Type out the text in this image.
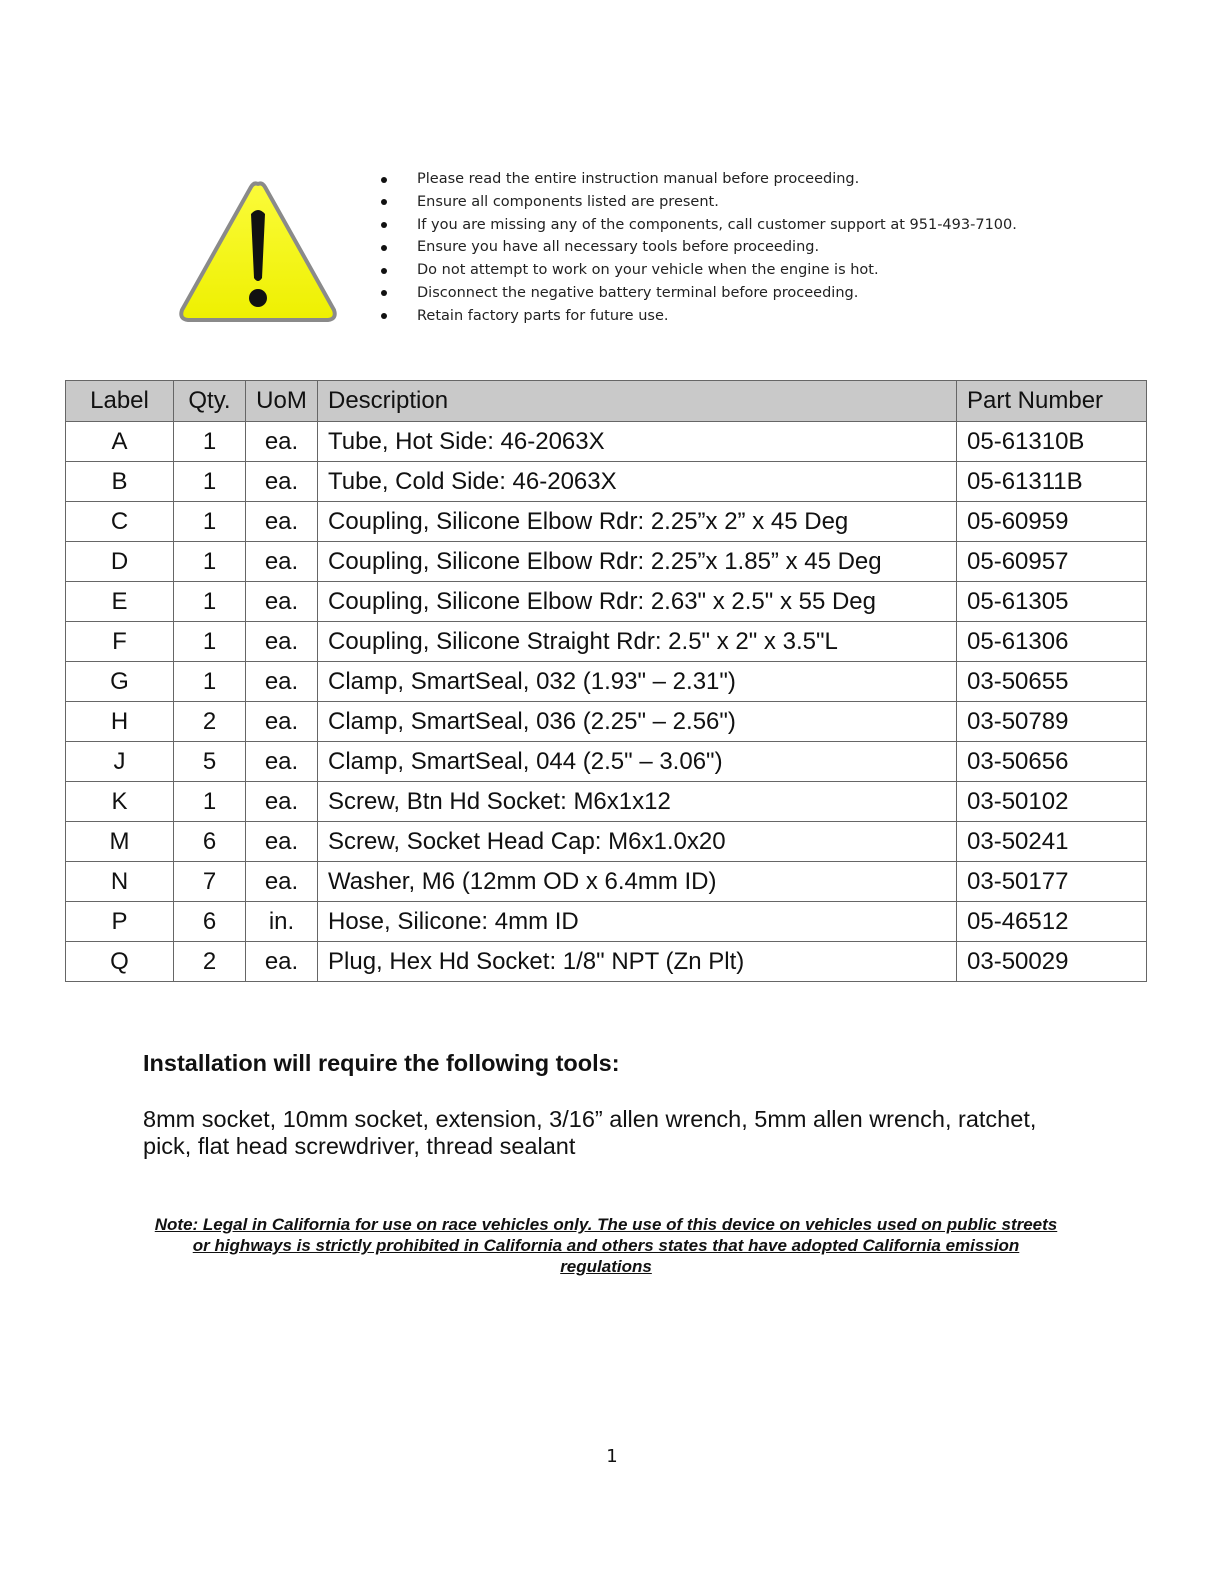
Please read the entire instruction manual before proceeding.
Ensure all components listed are present.
If you are missing any of the components, call customer support at 951-493-7100.
Ensure you have all necessary tools before proceeding.
Do not attempt to work on your vehicle when the engine is hot.
Disconnect the negative battery terminal before proceeding.
Retain factory parts for future use.
Label	Qty.	UoM	Description	Part Number
A	1	ea.	Tube, Hot Side: 46-2063X	05-61310B
B	1	ea.	Tube, Cold Side: 46-2063X	05-61311B
C	1	ea.	Coupling, Silicone Elbow Rdr: 2.25”x 2” x 45 Deg	05-60959
D	1	ea.	Coupling, Silicone Elbow Rdr: 2.25”x 1.85” x 45 Deg	05-60957
E	1	ea.	Coupling, Silicone Elbow Rdr: 2.63" x 2.5" x 55 Deg	05-61305
F	1	ea.	Coupling, Silicone Straight Rdr: 2.5" x 2" x 3.5"L	05-61306
G	1	ea.	Clamp, SmartSeal, 032 (1.93" – 2.31")	03-50655
H	2	ea.	Clamp, SmartSeal, 036 (2.25" – 2.56")	03-50789
J	5	ea.	Clamp, SmartSeal, 044 (2.5" – 3.06")	03-50656
K	1	ea.	Screw, Btn Hd Socket: M6x1x12	03-50102
M	6	ea.	Screw, Socket Head Cap: M6x1.0x20	03-50241
N	7	ea.	Washer, M6 (12mm OD x 6.4mm ID)	03-50177
P	6	in.	Hose, Silicone: 4mm ID	05-46512
Q	2	ea.	Plug, Hex Hd Socket: 1/8" NPT (Zn Plt)	03-50029
Installation will require the following tools:

8mm socket, 10mm socket, extension, 3/16” allen wrench, 5mm allen wrench, ratchet, pick, flat head screwdriver, thread sealant

Note: Legal in California for use on race vehicles only. The use of this device on vehicles used on public streets or highways is strictly prohibited in California and others states that have adopted California emission regulations

1
